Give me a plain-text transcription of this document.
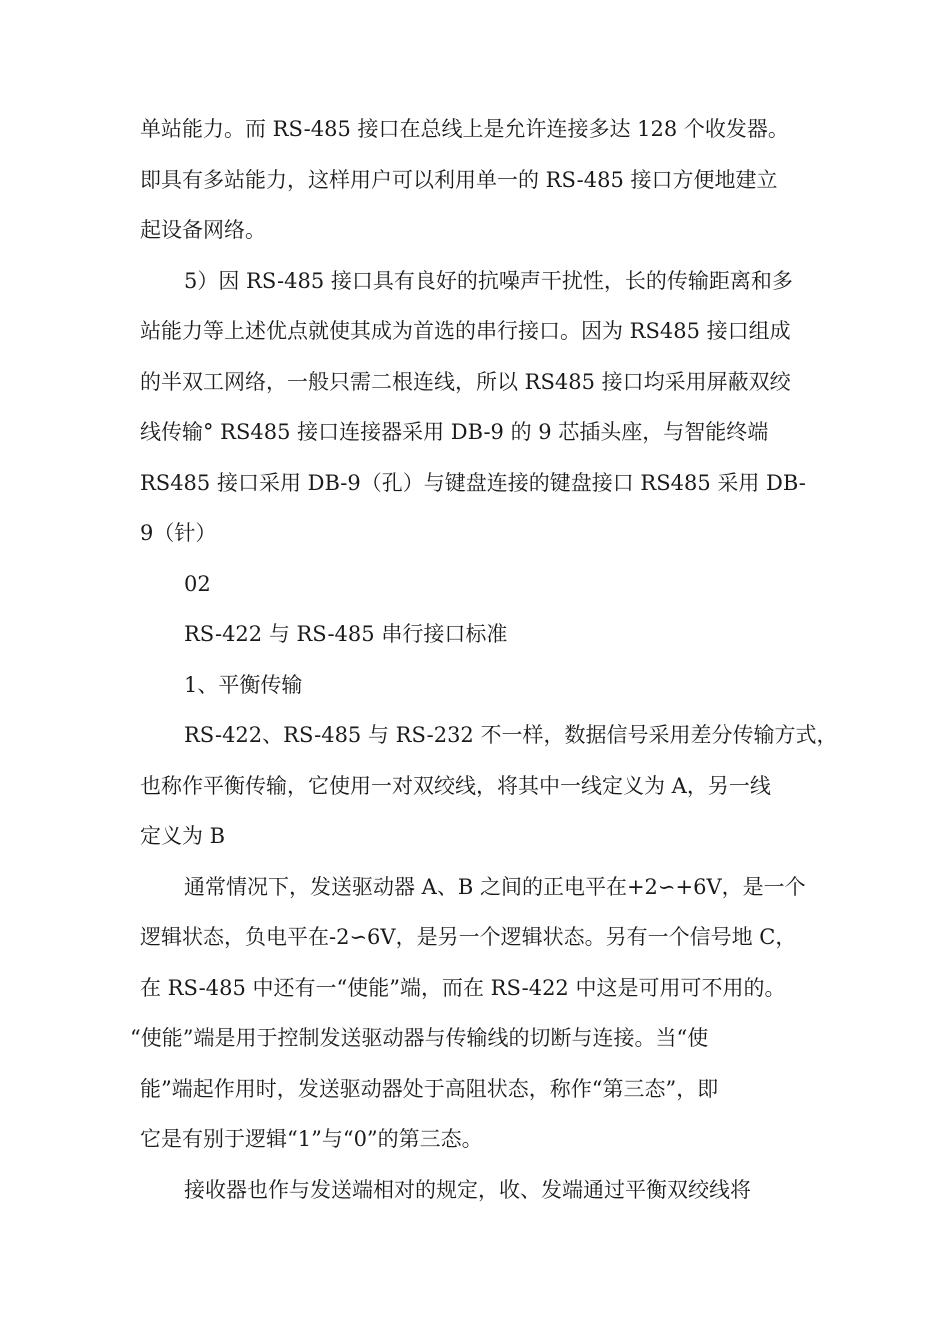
单站能力。而 RS-485 接口在总线上是允许连接多达 128 个收发器。
即具有多站能力，这样用户可以利用单一的 RS-485 接口方便地建立
起设备网络。
5）因 RS-485 接口具有良好的抗噪声干扰性，长的传输距离和多
站能力等上述优点就使其成为首选的串行接口。因为 RS485 接口组成
的半双工网络，一般只需二根连线，所以 RS485 接口均采用屏蔽双绞
线传输° RS485 接口连接器采用 DB-9 的 9 芯插头座，与智能终端
RS485 接口采用 DB-9（孔）与键盘连接的键盘接口 RS485 采用 DB-
9（针）
02
RS-422 与 RS-485 串行接口标准
1、平衡传输
RS-422、RS-485 与 RS-232 不一样，数据信号采用差分传输方式，
也称作平衡传输，它使用一对双绞线，将其中一线定义为 A，另一线
定义为 B
通常情况下，发送驱动器 A、B 之间的正电平在+2∽+6V，是一个
逻辑状态，负电平在-2∽6V，是另一个逻辑状态。另有一个信号地 C，
在 RS-485 中还有一“使能”端，而在 RS-422 中这是可用可不用的。
“使能”端是用于控制发送驱动器与传输线的切断与连接。当“使
能”端起作用时，发送驱动器处于高阻状态，称作“第三态”，即
它是有别于逻辑“1”与“0”的第三态。
接收器也作与发送端相对的规定，收、发端通过平衡双绞线将
